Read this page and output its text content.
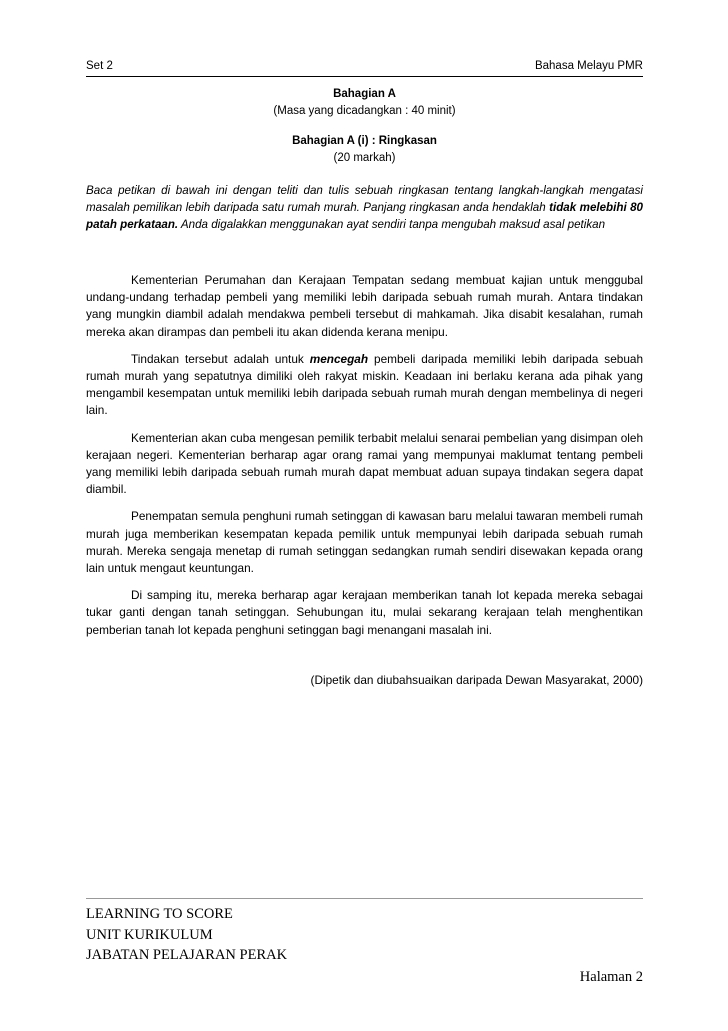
Set 2	Bahasa Melayu PMR
Bahagian A
(Masa yang dicadangkan : 40 minit)
Bahagian A (i) : Ringkasan
(20 markah)
Baca petikan di bawah ini dengan teliti dan tulis sebuah ringkasan tentang langkah-langkah mengatasi masalah pemilikan lebih daripada satu rumah murah. Panjang ringkasan anda hendaklah tidak melebihi 80 patah perkataan. Anda digalakkan menggunakan ayat sendiri tanpa mengubah maksud asal petikan

Kementerian Perumahan dan Kerajaan Tempatan sedang membuat kajian untuk menggubal undang-undang terhadap pembeli yang memiliki lebih daripada sebuah rumah murah. Antara tindakan yang mungkin diambil adalah mendakwa pembeli tersebut di mahkamah. Jika disabit kesalahan, rumah mereka akan dirampas dan pembeli itu akan didenda kerana menipu.

Tindakan tersebut adalah untuk mencegah pembeli daripada memiliki lebih daripada sebuah rumah murah yang sepatutnya dimiliki oleh rakyat miskin. Keadaan ini berlaku kerana ada pihak yang mengambil kesempatan untuk memiliki lebih daripada sebuah rumah murah dengan membelinya di negeri lain.

Kementerian akan cuba mengesan pemilik terbabit melalui senarai pembelian yang disimpan oleh kerajaan negeri. Kementerian berharap agar orang ramai yang mempunyai maklumat tentang pembeli yang memiliki lebih daripada sebuah rumah murah dapat membuat aduan supaya tindakan segera dapat diambil.

Penempatan semula penghuni rumah setinggan di kawasan baru melalui tawaran membeli rumah murah juga memberikan kesempatan kepada pemilik untuk mempunyai lebih daripada sebuah rumah murah. Mereka sengaja menetap di rumah setinggan sedangkan rumah sendiri disewakan kepada orang lain untuk mengaut keuntungan.

Di samping itu, mereka berharap agar kerajaan memberikan tanah lot kepada mereka sebagai tukar ganti dengan tanah setinggan. Sehubungan itu, mulai sekarang kerajaan telah menghentikan pemberian tanah lot kepada penghuni setinggan bagi menangani masalah ini.

(Dipetik dan diubahsuaikan daripada Dewan Masyarakat, 2000)
LEARNING TO SCORE
UNIT KURIKULUM
JABATAN PELAJARAN PERAK
Halaman 2
